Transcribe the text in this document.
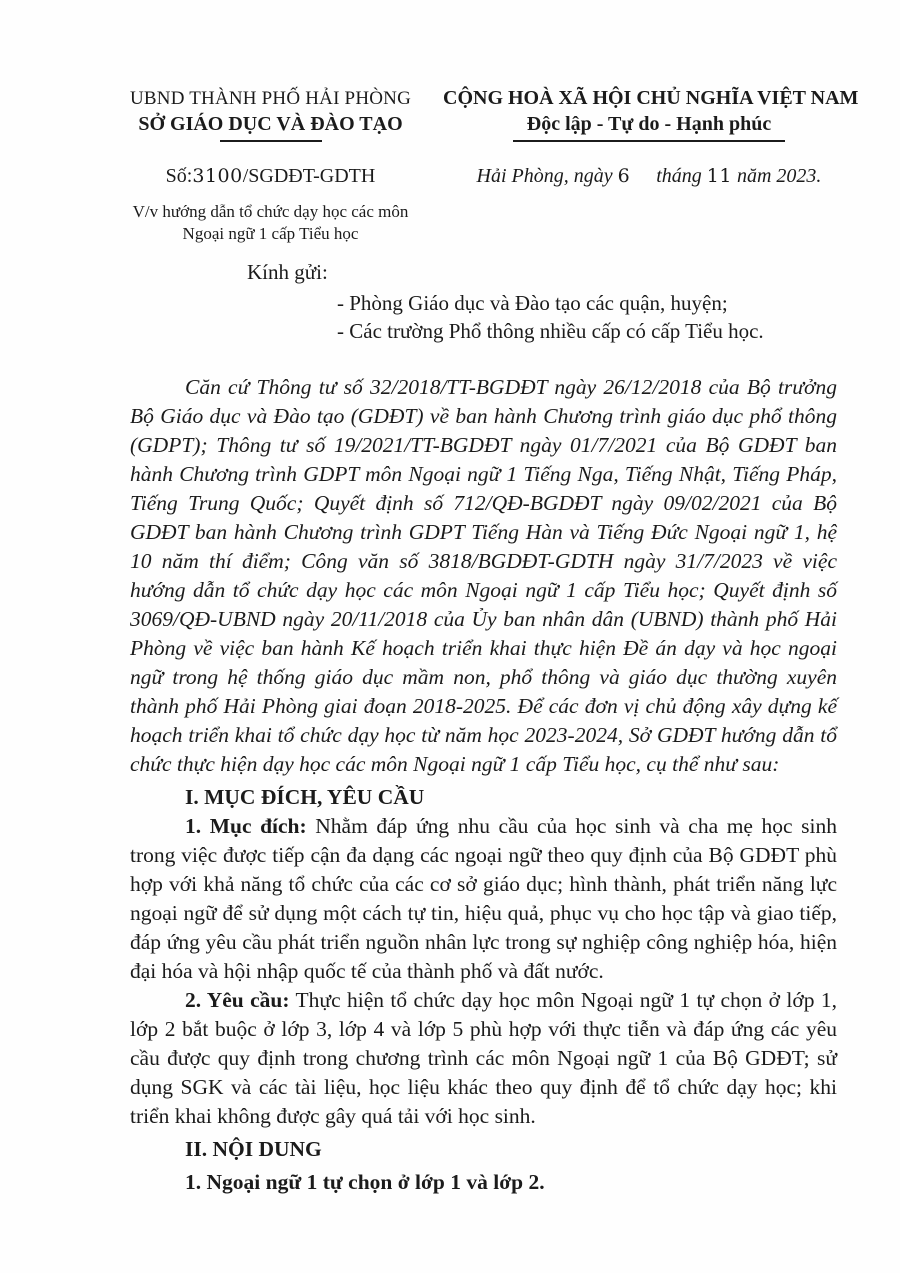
UBND THÀNH PHỐ HẢI PHÒNG
SỞ GIÁO DỤC VÀ ĐÀO TẠO
Số:3100/SGDĐT-GDTH
V/v hướng dẫn tổ chức dạy học các môn
Ngoại ngữ 1 cấp Tiểu học
CỘNG HOÀ XÃ HỘI CHỦ NGHĨA VIỆT NAM
Độc lập - Tự do - Hạnh phúc
Hải Phòng, ngày 6 tháng 11 năm 2023.
Kính gửi:
- Phòng Giáo dục và Đào tạo các quận, huyện;
- Các trường Phổ thông nhiều cấp có cấp Tiểu học.

Căn cứ Thông tư số 32/2018/TT-BGDĐT ngày 26/12/2018 của Bộ trưởng Bộ Giáo dục và Đào tạo (GDĐT) về ban hành Chương trình giáo dục phổ thông (GDPT); Thông tư số 19/2021/TT-BGDĐT ngày 01/7/2021 của Bộ GDĐT ban hành Chương trình GDPT môn Ngoại ngữ 1 Tiếng Nga, Tiếng Nhật, Tiếng Pháp, Tiếng Trung Quốc; Quyết định số 712/QĐ-BGDĐT ngày 09/02/2021 của Bộ GDĐT ban hành Chương trình GDPT Tiếng Hàn và Tiếng Đức Ngoại ngữ 1, hệ 10 năm thí điểm; Công văn số 3818/BGDĐT-GDTH ngày 31/7/2023 về việc hướng dẫn tổ chức dạy học các môn Ngoại ngữ 1 cấp Tiểu học; Quyết định số 3069/QĐ-UBND ngày 20/11/2018 của Ủy ban nhân dân (UBND) thành phố Hải Phòng về việc ban hành Kế hoạch triển khai thực hiện Đề án dạy và học ngoại ngữ trong hệ thống giáo dục mầm non, phổ thông và giáo dục thường xuyên thành phố Hải Phòng giai đoạn 2018-2025. Để các đơn vị chủ động xây dựng kế hoạch triển khai tổ chức dạy học từ năm học 2023-2024, Sở GDĐT hướng dẫn tổ chức thực hiện dạy học các môn Ngoại ngữ 1 cấp Tiểu học, cụ thể như sau:

I. MỤC ĐÍCH, YÊU CẦU

1. Mục đích: Nhằm đáp ứng nhu cầu của học sinh và cha mẹ học sinh trong việc được tiếp cận đa dạng các ngoại ngữ theo quy định của Bộ GDĐT phù hợp với khả năng tổ chức của các cơ sở giáo dục; hình thành, phát triển năng lực ngoại ngữ để sử dụng một cách tự tin, hiệu quả, phục vụ cho học tập và giao tiếp, đáp ứng yêu cầu phát triển nguồn nhân lực trong sự nghiệp công nghiệp hóa, hiện đại hóa và hội nhập quốc tế của thành phố và đất nước.

2. Yêu cầu: Thực hiện tổ chức dạy học môn Ngoại ngữ 1 tự chọn ở lớp 1, lớp 2 bắt buộc ở lớp 3, lớp 4 và lớp 5 phù hợp với thực tiễn và đáp ứng các yêu cầu được quy định trong chương trình các môn Ngoại ngữ 1 của Bộ GDĐT; sử dụng SGK và các tài liệu, học liệu khác theo quy định để tổ chức dạy học; khi triển khai không được gây quá tải với học sinh.

II. NỘI DUNG

1. Ngoại ngữ 1 tự chọn ở lớp 1 và lớp 2.
